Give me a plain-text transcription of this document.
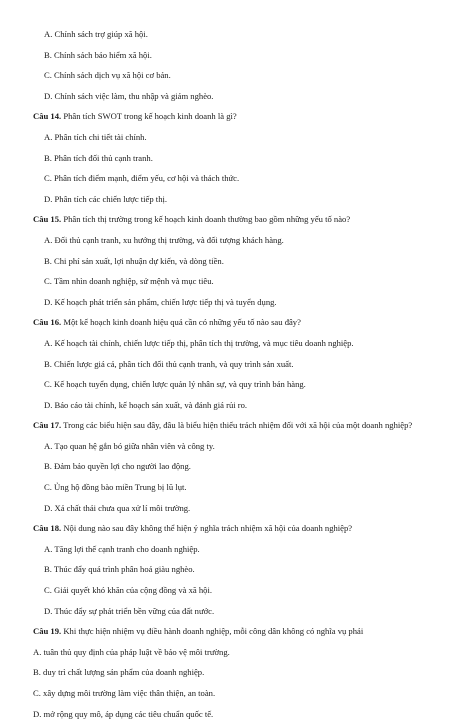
A. Chính sách trợ giúp xã hội.
B. Chính sách bảo hiểm xã hội.
C. Chính sách dịch vụ xã hội cơ bản.
D. Chính sách việc làm, thu nhập và giảm nghèo.
Câu 14. Phân tích SWOT trong kế hoạch kinh doanh là gì?
A. Phân tích chi tiết tài chính.
B. Phân tích đối thủ cạnh tranh.
C. Phân tích điểm mạnh, điểm yếu, cơ hội và thách thức.
D. Phân tích các chiến lược tiếp thị.
Câu 15. Phân tích thị trường trong kế hoạch kinh doanh thường bao gồm những yếu tố nào?
A. Đối thủ cạnh tranh, xu hướng thị trường, và đối tượng khách hàng.
B. Chi phí sản xuất, lợi nhuận dự kiến, và dòng tiền.
C. Tầm nhìn doanh nghiệp, sứ mệnh và mục tiêu.
D. Kế hoạch phát triển sản phẩm, chiến lược tiếp thị và tuyển dụng.
Câu 16. Một kế hoạch kinh doanh hiệu quả cần có những yếu tố nào sau đây?
A. Kế hoạch tài chính, chiến lược tiếp thị, phân tích thị trường, và mục tiêu doanh nghiệp.
B. Chiến lược giá cả, phân tích đối thủ cạnh tranh, và quy trình sản xuất.
C. Kế hoạch tuyển dụng, chiến lược quản lý nhân sự, và quy trình bán hàng.
D. Báo cáo tài chính, kế hoạch sản xuất, và đánh giá rủi ro.
Câu 17. Trong các biểu hiện sau đây, đâu là biểu hiện thiếu trách nhiệm đối với xã hội của một doanh nghiệp?
A. Tạo quan hệ gắn bó giữa nhân viên và công ty.
B. Đảm bảo quyền lợi cho người lao động.
C. Ủng hộ đồng bào miền Trung bị lũ lụt.
D. Xả chất thải chưa qua xử lí môi trường.
Câu 18. Nội dung nào sau đây không thể hiện ý nghĩa trách nhiệm xã hội của doanh nghiệp?
A. Tăng lợi thế cạnh tranh cho doanh nghiệp.
B. Thúc đẩy quá trình phân hoá giàu nghèo.
C. Giải quyết khó khăn của cộng đồng và xã hội.
D. Thúc đẩy sự phát triển bền vững của đất nước.
Câu 19. Khi thực hiện nhiệm vụ điều hành doanh nghiệp, mỗi công dân không có nghĩa vụ phải
A. tuân thủ quy định của pháp luật về bảo vệ môi trường.
B. duy trì chất lượng sản phẩm của doanh nghiệp.
C. xây dựng môi trường làm việc thân thiện, an toàn.
D. mở rộng quy mô, áp dụng các tiêu chuẩn quốc tế.
